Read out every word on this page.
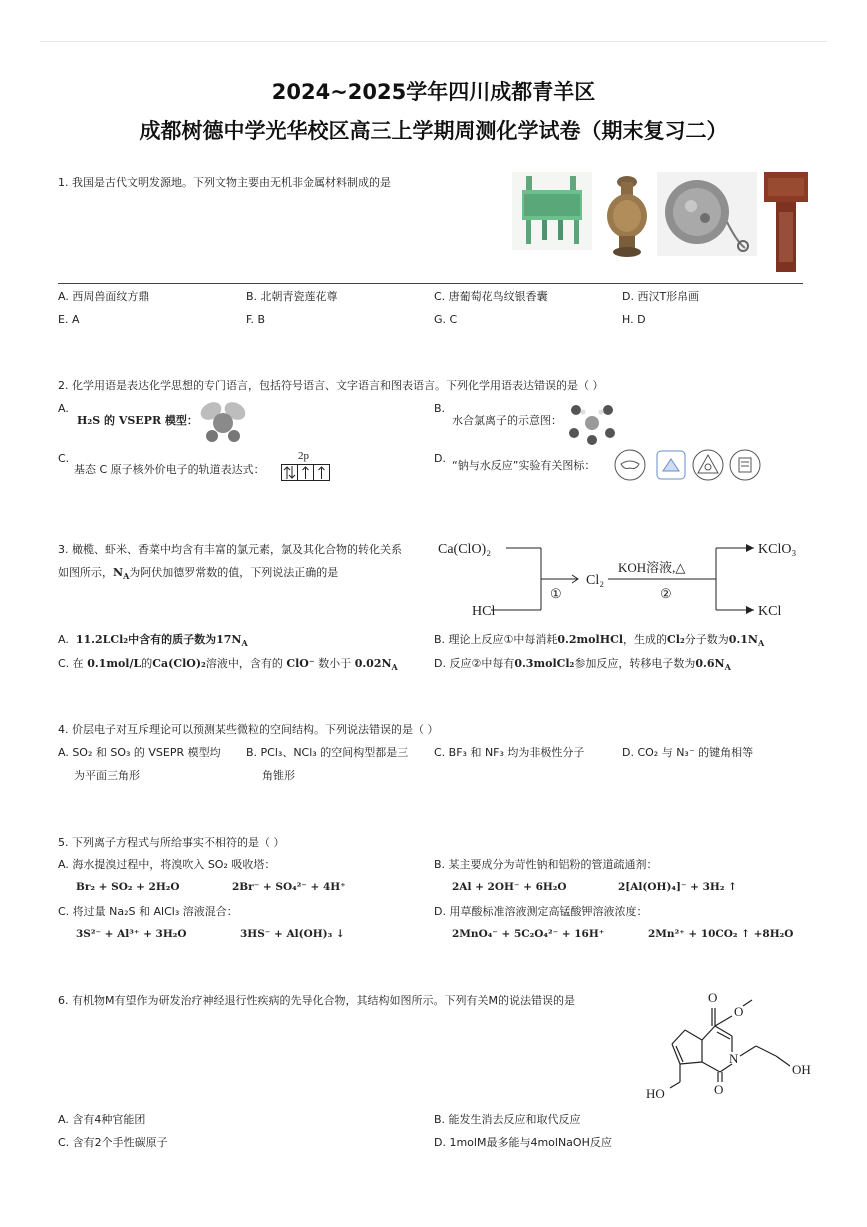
2024~2025学年四川成都青羊区
成都树德中学光华校区高三上学期周测化学试卷（期末复习二）
1. 我国是古代文明发源地。下列文物主要由无机非金属材料制成的是
A. 西周兽面纹方鼎	B. 北朝青瓷莲花尊	C. 唐葡萄花鸟纹银香囊	D. 西汉T形帛画
E. A	F. B	G. C	H. D
2. 化学用语是表达化学思想的专门语言，包括符号语言、文字语言和图表语言。下列化学用语表达错误的是（ ）
A.
H₂S 的 VSEPR 模型：
B.
水合氯离子的示意图：
C.
基态 C 原子核外价电子的轨道表达式：
2p	D.
“钠与水反应”实验有关图标：
3. 橄榄、虾米、香菜中均含有丰富的氯元素，氯及其化合物的转化关系
如图所示，$N_A$为阿伏加德罗常数的值，下列说法正确的是
Ca(ClO)₂
HCl
①
Cl₂
KOH溶液,△
②
KClO₃
KCl
A. 11.2LCl₂中含有的质子数为$17N_A$	B. 理论上反应①中每消耗0.2molHCl，生成的Cl₂分子数为$0.1N_A$
C. 在 0.1mol/L的Ca(ClO)₂溶液中，含有的 ClO⁻ 数小于 $0.02N_A$	D. 反应②中每有0.3molCl₂参加反应，转移电子数为$0.6N_A$
4. 价层电子对互斥理论可以预测某些微粒的空间结构。下列说法错误的是（ ）
A. SO₂ 和 SO₃ 的 VSEPR 模型均
为平面三角形
B. PCl₃、NCl₃ 的空间构型都是三
角锥形
C. BF₃ 和 NF₃ 均为非极性分子	D. CO₂ 与 N₃⁻ 的键角相等
5. 下列离子方程式与所给事实不相符的是（ ）
A. 海水提溴过程中，将溴吹入 SO₂ 吸收塔：
Br₂ + SO₂ + 2H₂O	2Br⁻ + SO₄²⁻ + 4H⁺
B. 某主要成分为苛性钠和铝粉的管道疏通剂：
2Al + 2OH⁻ + 6H₂O	2[Al(OH)₄]⁻ + 3H₂ ↑
C. 将过量 Na₂S 和 AlCl₃ 溶液混合：
3S²⁻ + Al³⁺ + 3H₂O	3HS⁻ + Al(OH)₃ ↓
D. 用草酸标准溶液测定高锰酸钾溶液浓度：
2MnO₄⁻ + 5C₂O₄²⁻ + 16H⁺	2Mn²⁺ + 10CO₂ ↑ +8H₂O
6. 有机物M有望作为研发治疗神经退行性疾病的先导化合物，其结构如图所示。下列有关M的说法错误的是	O
O
N
O
OH
HO
A. 含有4种官能团	B. 能发生消去反应和取代反应
C. 含有2个手性碳原子	D. 1molM最多能与4molNaOH反应
